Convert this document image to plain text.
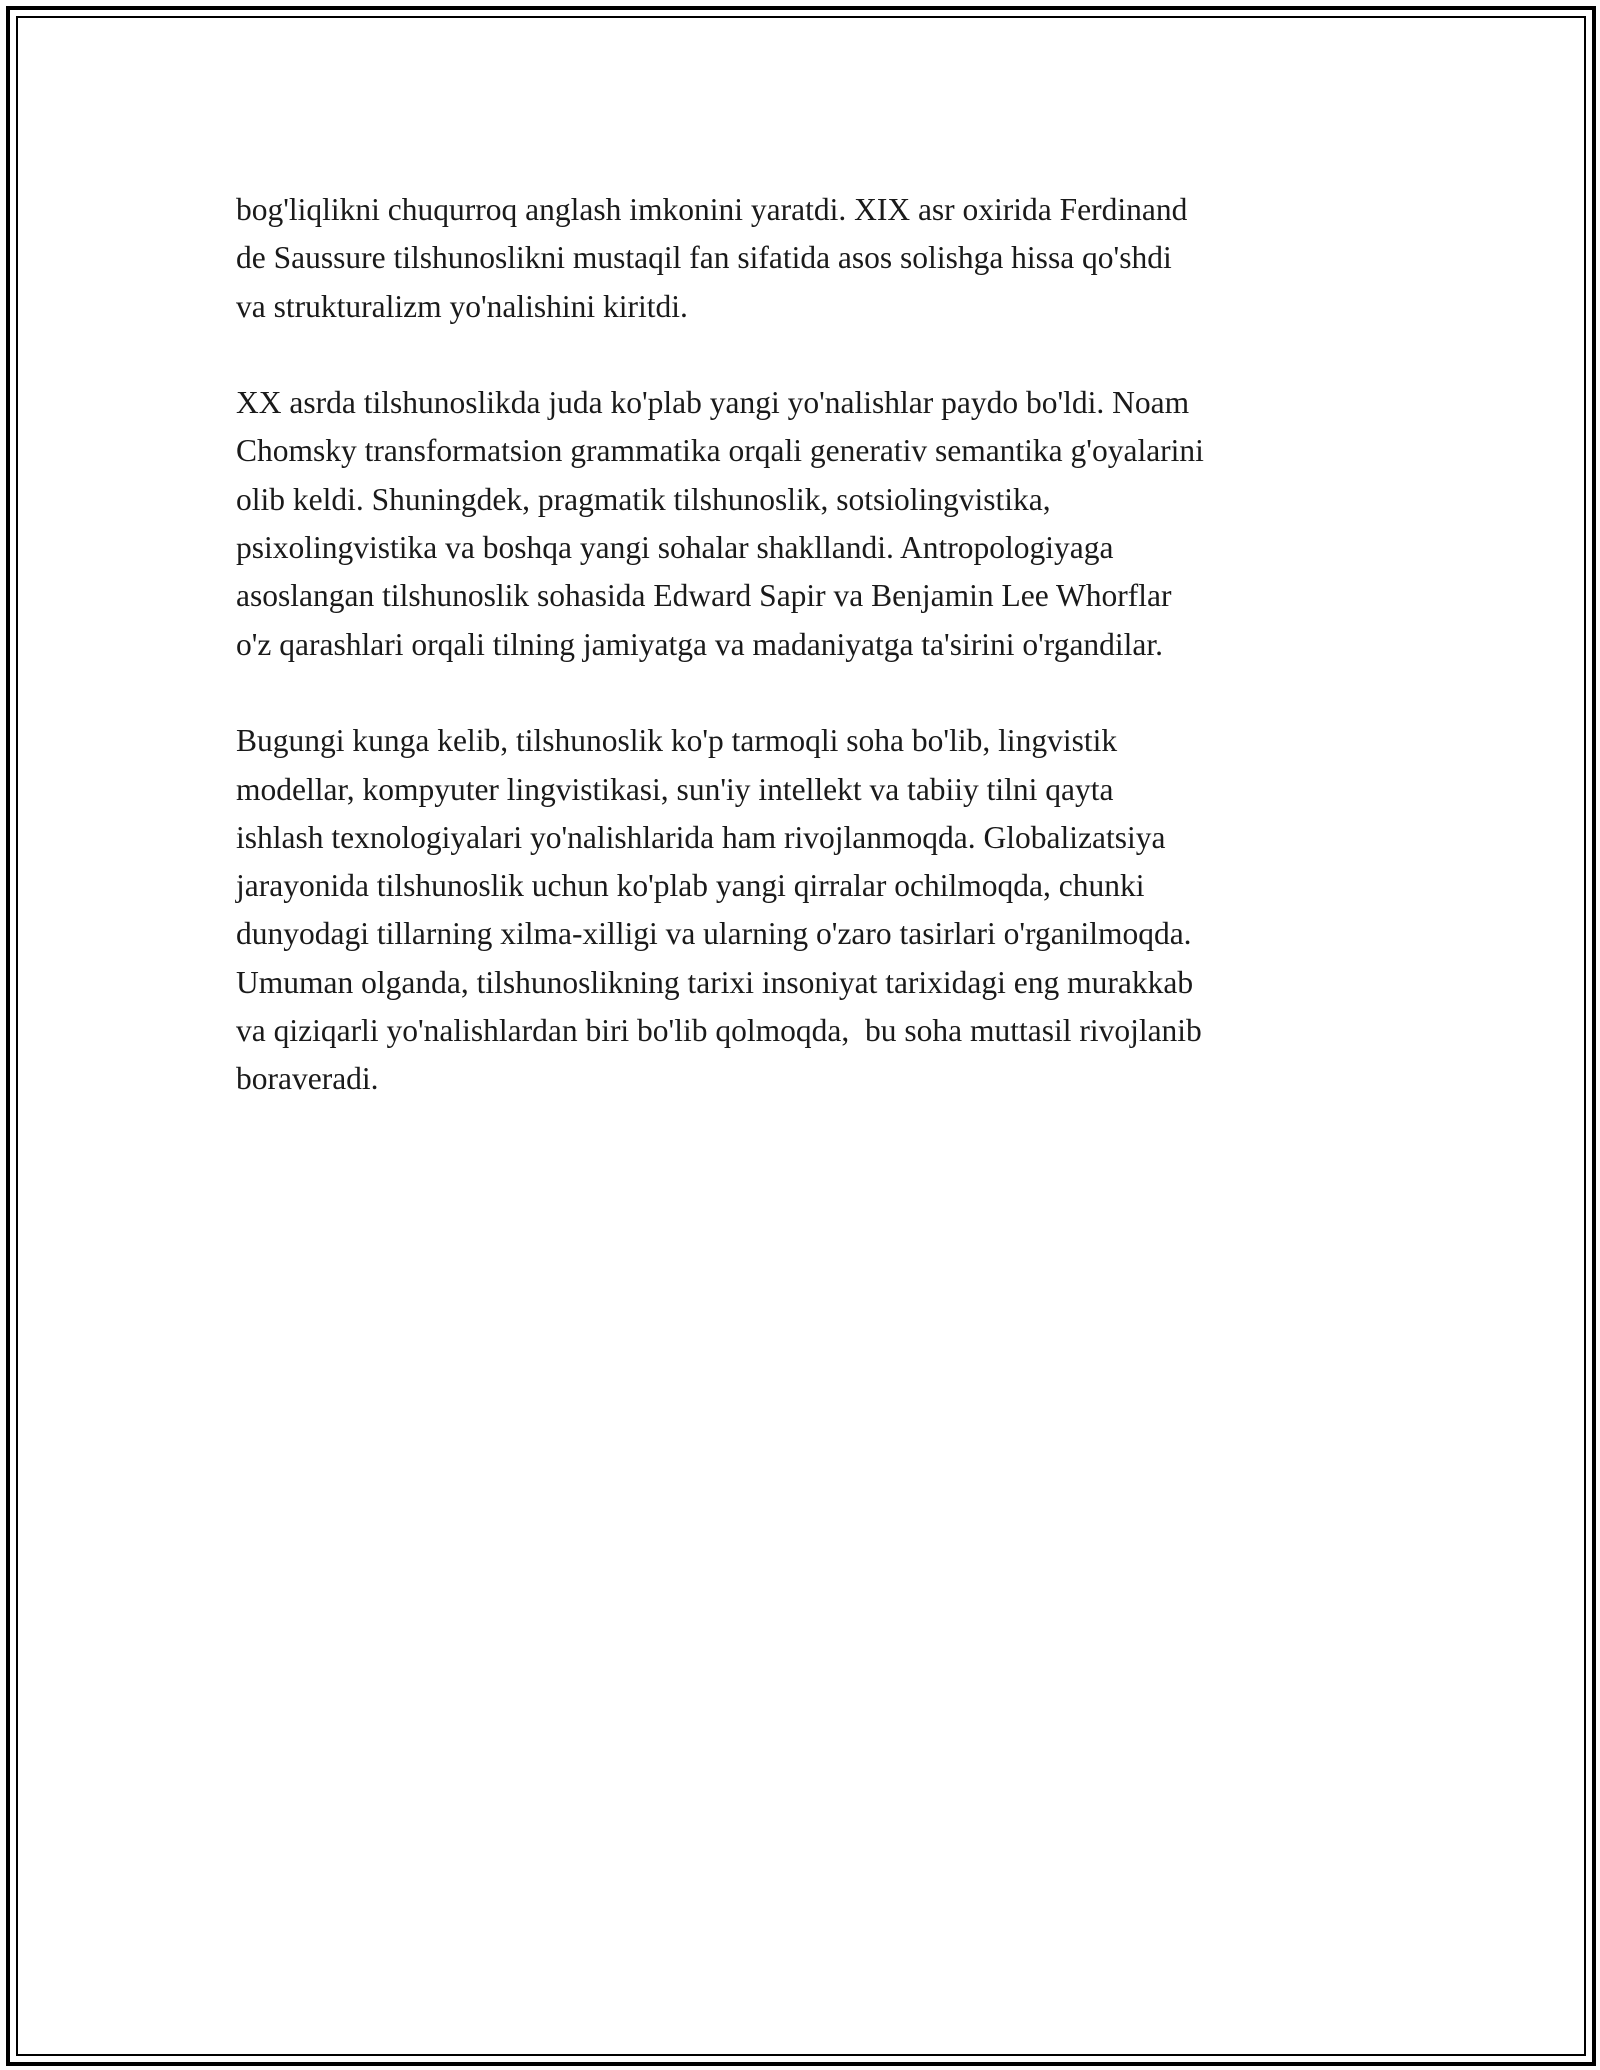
bog'liqlikni chuqurroq anglash imkonini yaratdi. XIX asr oxirida Ferdinand
de Saussure tilshunoslikni mustaqil fan sifatida asos solishga hissa qo'shdi
va strukturalizm yo'nalishini kiritdi.

XX asrda tilshunoslikda juda ko'plab yangi yo'nalishlar paydo bo'ldi. Noam
Chomsky transformatsion grammatika orqali generativ semantika g'oyalarini
olib keldi. Shuningdek, pragmatik tilshunoslik, sotsiolingvistika,
psixolingvistika va boshqa yangi sohalar shakllandi. Antropologiyaga
asoslangan tilshunoslik sohasida Edward Sapir va Benjamin Lee Whorflar
o'z qarashlari orqali tilning jamiyatga va madaniyatga ta'sirini o'rgandilar.

Bugungi kunga kelib, tilshunoslik ko'p tarmoqli soha bo'lib, lingvistik
modellar, kompyuter lingvistikasi, sun'iy intellekt va tabiiy tilni qayta
ishlash texnologiyalari yo'nalishlarida ham rivojlanmoqda. Globalizatsiya
jarayonida tilshunoslik uchun ko'plab yangi qirralar ochilmoqda, chunki
dunyodagi tillarning xilma-xilligi va ularning o'zaro tasirlari o'rganilmoqda.
Umuman olganda, tilshunoslikning tarixi insoniyat tarixidagi eng murakkab
va qiziqarli yo'nalishlardan biri bo'lib qolmoqda,  bu soha muttasil rivojlanib
boraveradi.
